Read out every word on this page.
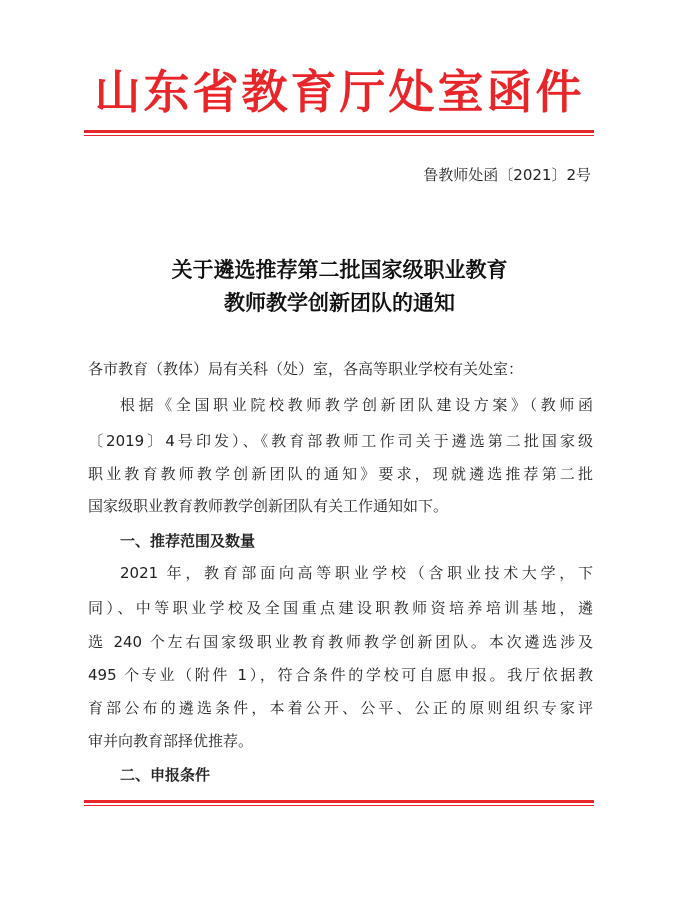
山东省教育厅处室函件
鲁教师处函〔2021〕2号
关于遴选推荐第二批国家级职业教育
教师教学创新团队的通知
各市教育（教体）局有关科（处）室，各高等职业学校有关处室：
根据《全国职业院校教师教学创新团队建设方案》（教师函
〔2019〕4号印发）、《教育部教师工作司关于遴选第二批国家级
职业教育教师教学创新团队的通知》要求，现就遴选推荐第二批
国家级职业教育教师教学创新团队有关工作通知如下。
一、推荐范围及数量
2021 年，教育部面向高等职业学校（含职业技术大学，下
同）、中等职业学校及全国重点建设职教师资培养培训基地，遴
选 240 个左右国家级职业教育教师教学创新团队。本次遴选涉及
495 个专业（附件 1），符合条件的学校可自愿申报。我厅依据教
育部公布的遴选条件，本着公开、公平、公正的原则组织专家评
审并向教育部择优推荐。
二、申报条件
